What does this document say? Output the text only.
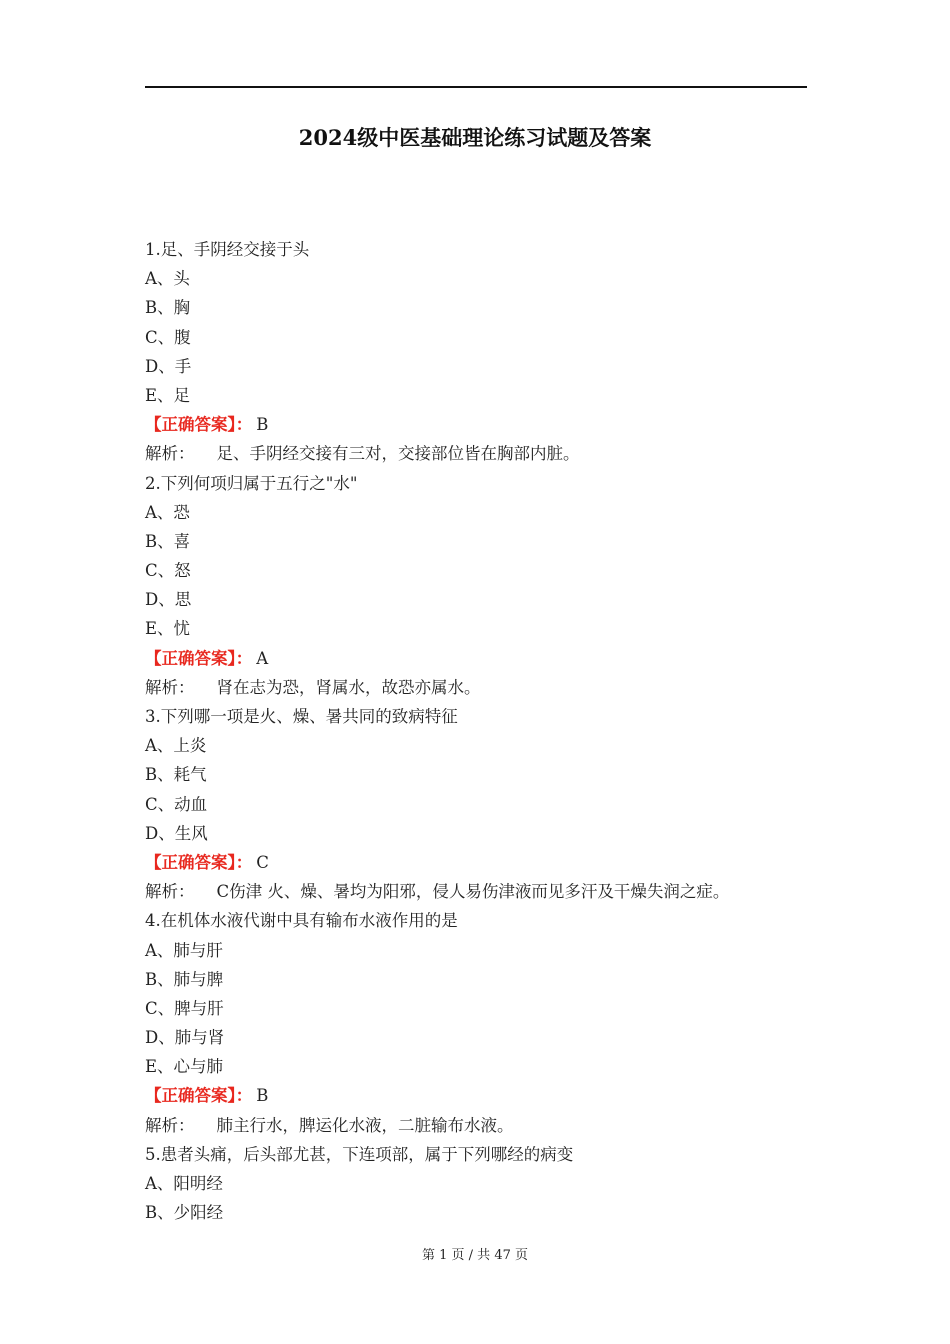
2024级中医基础理论练习试题及答案
1.足、手阴经交接于头
A、头
B、胸
C、腹
D、手
E、足
【正确答案】： B
解析： 足、手阴经交接有三对，交接部位皆在胸部内脏。
2.下列何项归属于五行之"水"
A、恐
B、喜
C、怒
D、思
E、忧
【正确答案】： A
解析： 肾在志为恐，肾属水，故恐亦属水。
3.下列哪一项是火、燥、暑共同的致病特征
A、上炎
B、耗气
C、动血
D、生风
【正确答案】： C
解析： C伤津 火、燥、暑均为阳邪，侵人易伤津液而见多汗及干燥失润之症。
4.在机体水液代谢中具有输布水液作用的是
A、肺与肝
B、肺与脾
C、脾与肝
D、肺与肾
E、心与肺
【正确答案】： B
解析： 肺主行水，脾运化水液，二脏输布水液。
5.患者头痛，后头部尤甚，下连项部，属于下列哪经的病变
A、阳明经
B、少阳经
第 1 页 / 共 47 页
